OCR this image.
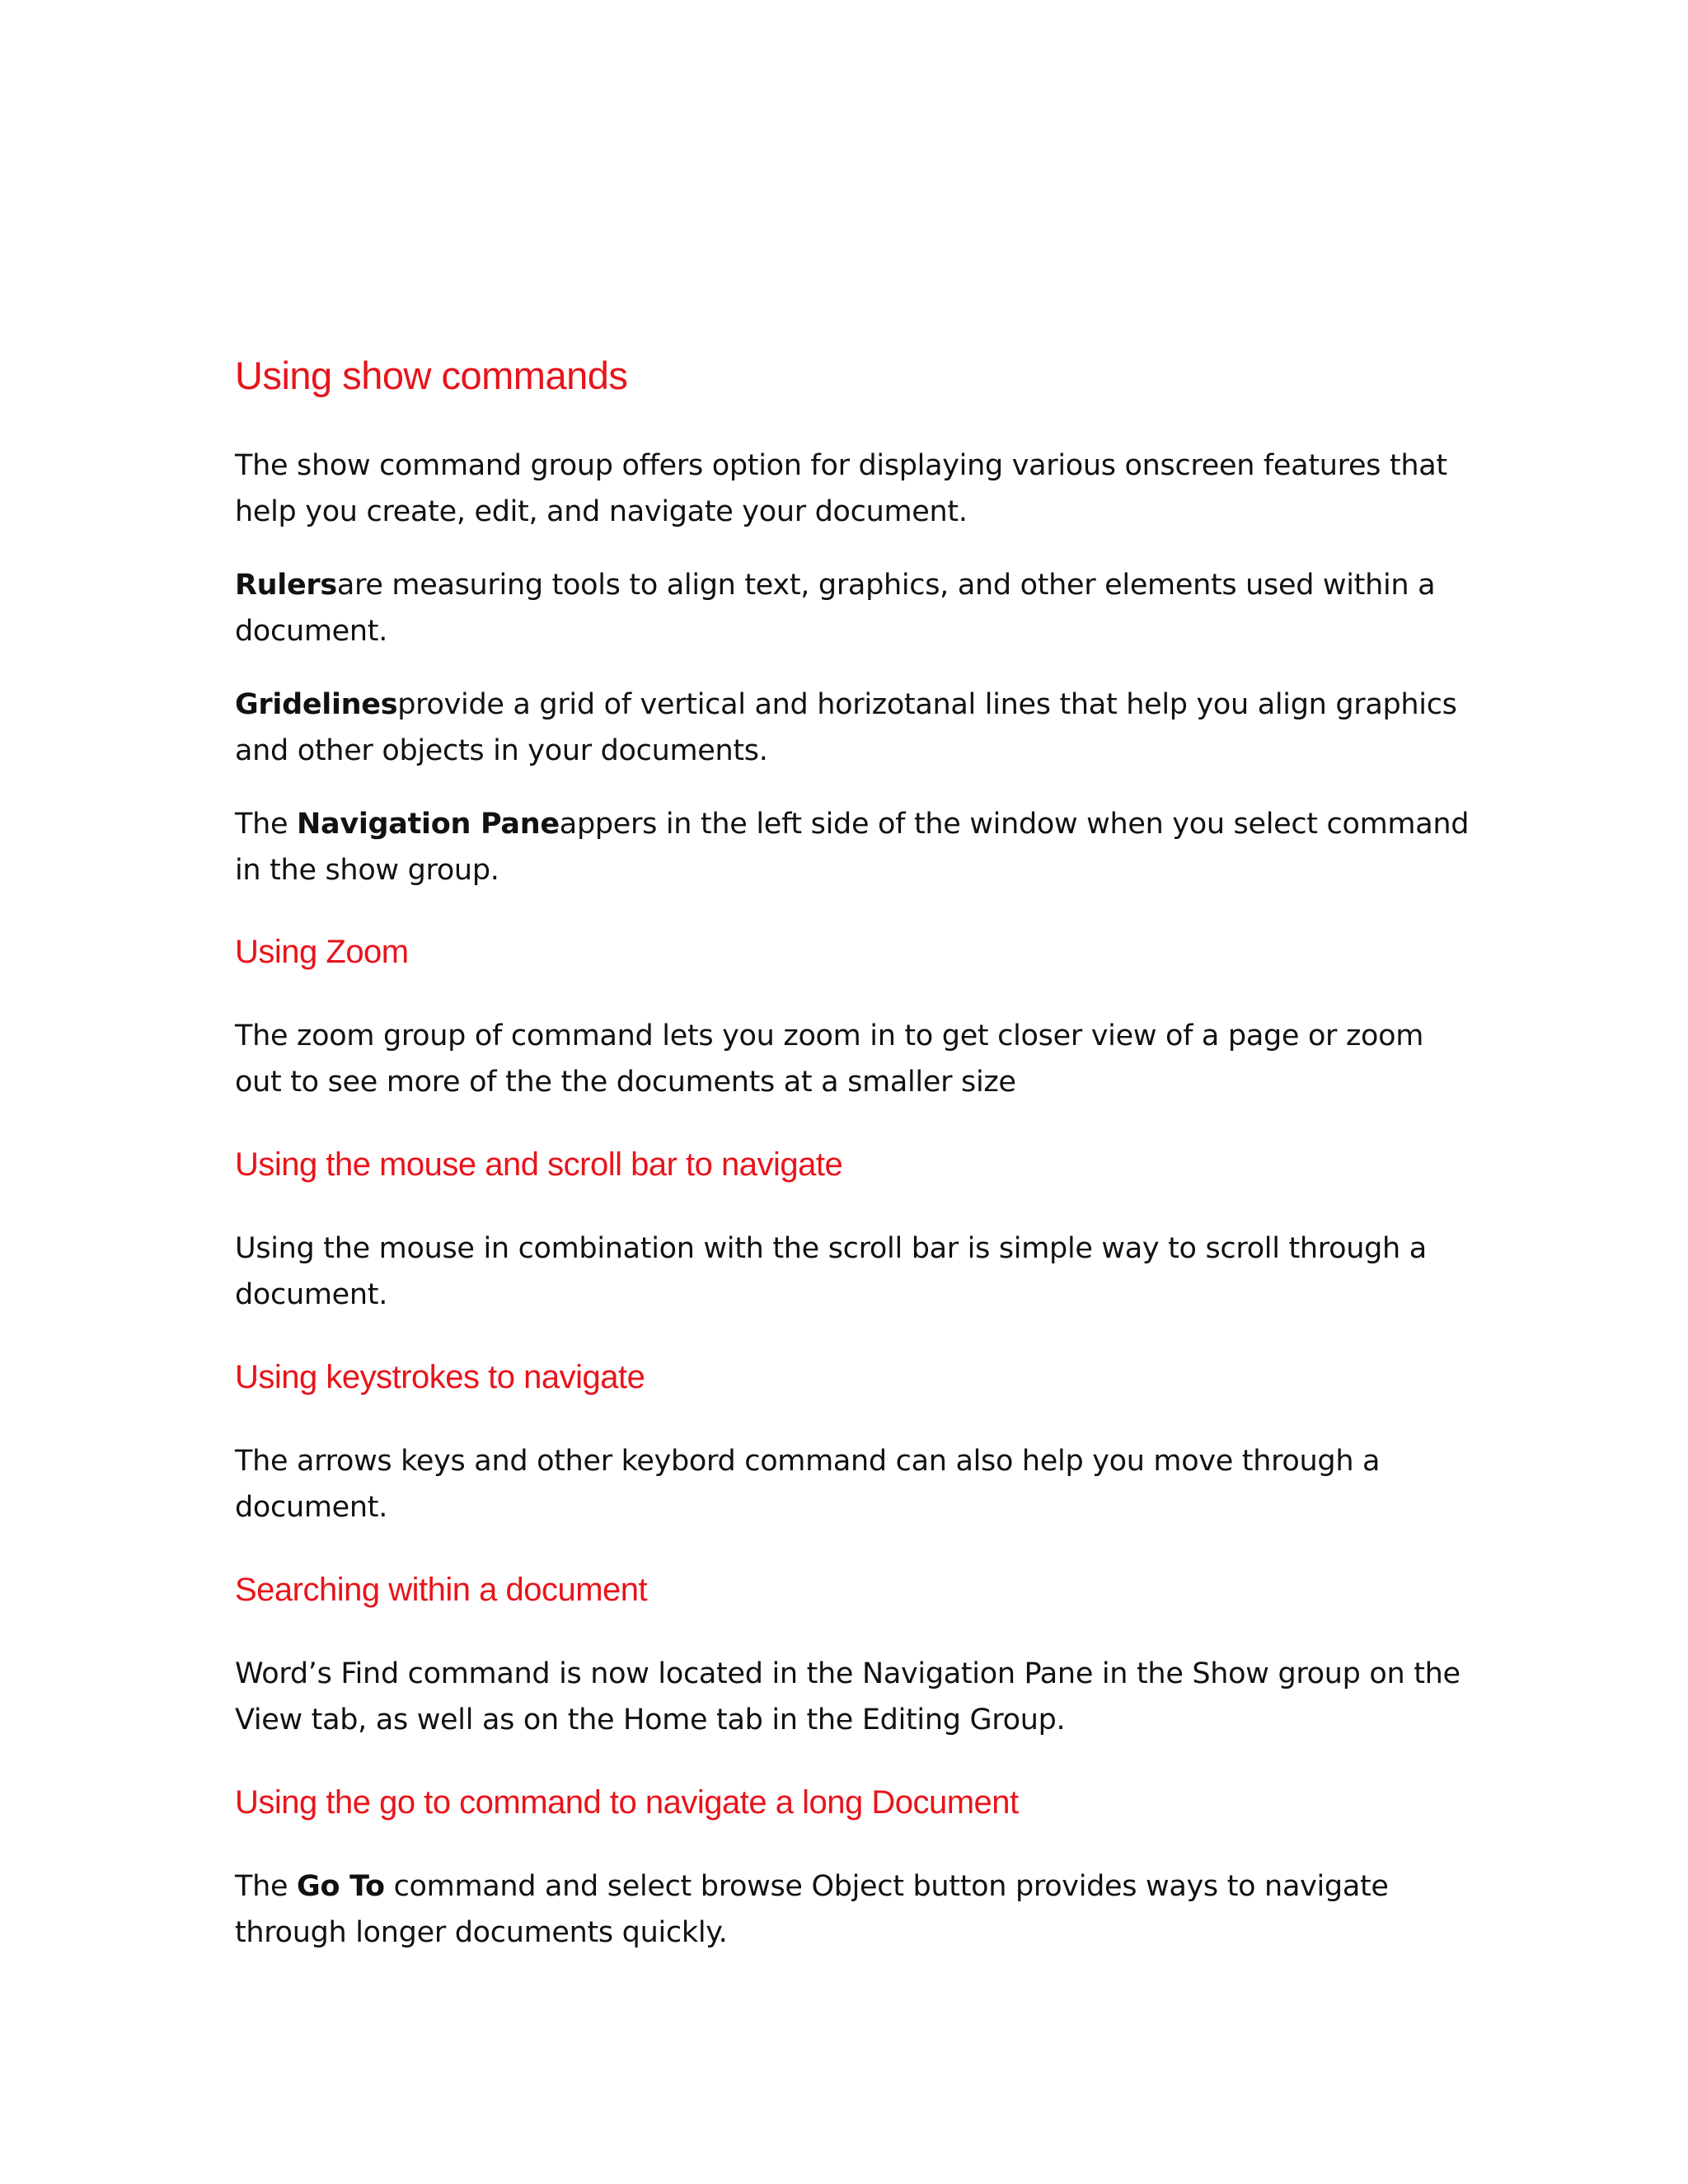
Using show commands

The show command group offers option for displaying various onscreen features that help you create, edit, and navigate your document.

Rulersare measuring tools to align text, graphics, and other elements used within a document.

Gridelinesprovide a grid of vertical and horizotanal lines that help you align graphics and other objects in your documents.

The Navigation Paneappers in the left side of the window when you select command in the show group.

Using Zoom

The zoom group of command lets you zoom in to get closer view of a page or zoom out to see more of the the documents at a smaller size

Using the mouse and scroll bar to navigate

Using the mouse in combination with the scroll bar is simple way to scroll through a document.

Using keystrokes to navigate

The arrows keys and other keybord command can also help you move through a document.

Searching within a document

Word’s Find command is now located in the Navigation Pane in the Show group on the View tab, as well as on the Home tab in the Editing Group.

Using the go to command to navigate a long Document

The Go To command and select browse Object button provides ways to navigate through longer documents quickly.
